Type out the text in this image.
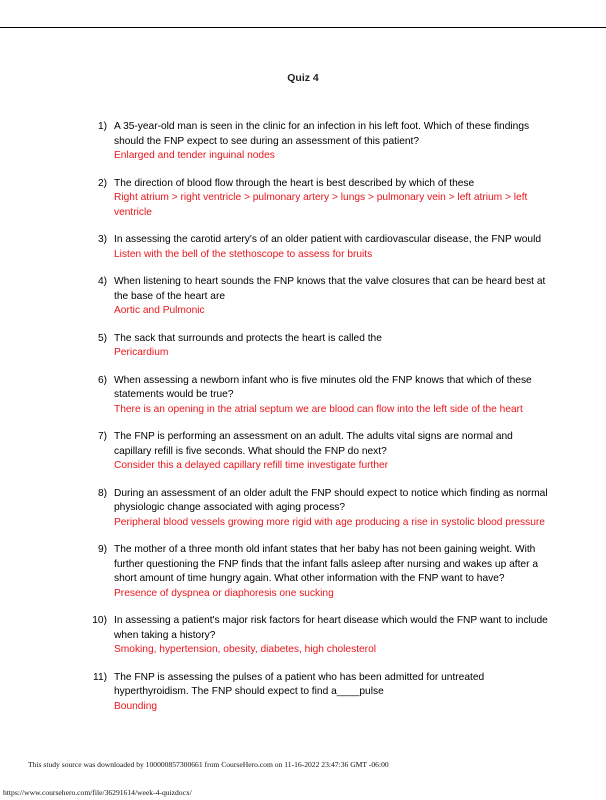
Quiz 4
1) A 35-year-old man is seen in the clinic for an infection in his left foot. Which of these findings should the FNP expect to see during an assessment of this patient?
Enlarged and tender inguinal nodes
2) The direction of blood flow through the heart is best described by which of these
Right atrium > right ventricle > pulmonary artery > lungs > pulmonary vein > left atrium > left ventricle
3) In assessing the carotid artery's of an older patient with cardiovascular disease, the FNP would
Listen with the bell of the stethoscope to assess for bruits
4) When listening to heart sounds the FNP knows that the valve closures that can be heard best at the base of the heart are
Aortic and Pulmonic
5) The sack that surrounds and protects the heart is called the
Pericardium
6) When assessing a newborn infant who is five minutes old the FNP knows that which of these statements would be true?
There is an opening in the atrial septum we are blood can flow into the left side of the heart
7) The FNP is performing an assessment on an adult. The adults vital signs are normal and capillary refill is five seconds. What should the FNP do next?
Consider this a delayed capillary refill time investigate further
8) During an assessment of an older adult the FNP should expect to notice which finding as normal physiologic change associated with aging process?
Peripheral blood vessels growing more rigid with age producing a rise in systolic blood pressure
9) The mother of a three month old infant states that her baby has not been gaining weight. With further questioning the FNP finds that the infant falls asleep after nursing and wakes up after a short amount of time hungry again. What other information with the FNP want to have?
Presence of dyspnea or diaphoresis one sucking
10) In assessing a patient's major risk factors for heart disease which would the FNP want to include when taking a history?
Smoking, hypertension, obesity, diabetes, high cholesterol
11) The FNP is assessing the pulses of a patient who has been admitted for untreated hyperthyroidism. The FNP should expect to find a____pulse
Bounding
This study source was downloaded by 100000857300661 from CourseHero.com on 11-16-2022 23:47:36 GMT -06:00
https://www.coursehero.com/file/36291614/week-4-quizdocx/
